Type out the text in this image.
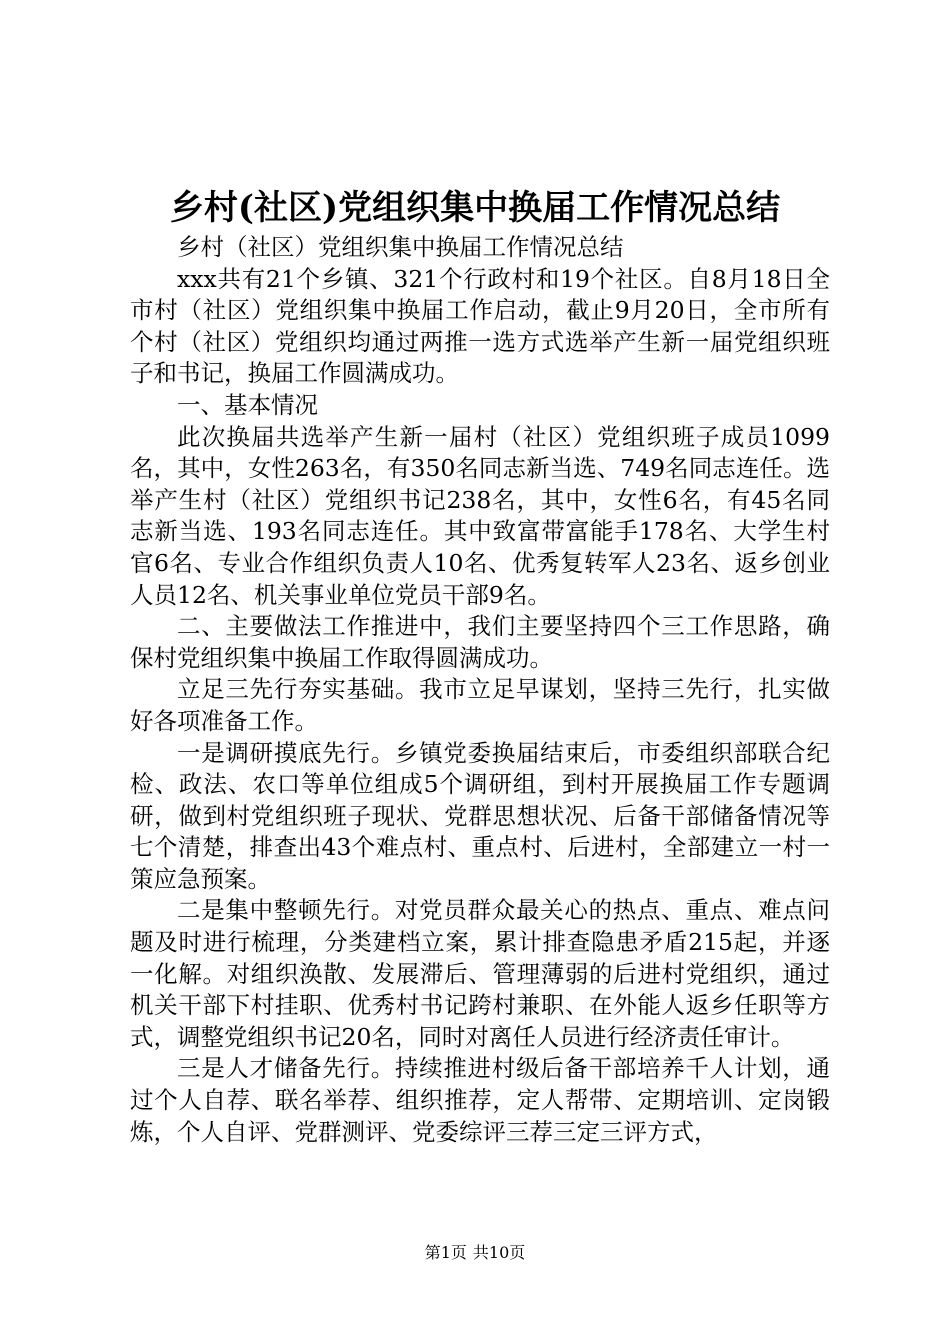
乡村(社区)党组织集中换届工作情况总结

乡村（社区）党组织集中换届工作情况总结

xxx共有21个乡镇、321个行政村和19个社区。自8月18日全市村（社区）党组织集中换届工作启动，截止9月20日，全市所有个村（社区）党组织均通过两推一选方式选举产生新一届党组织班子和书记，换届工作圆满成功。

一、基本情况

此次换届共选举产生新一届村（社区）党组织班子成员1099名，其中，女性263名，有350名同志新当选、749名同志连任。选举产生村（社区）党组织书记238名，其中，女性6名，有45名同志新当选、193名同志连任。其中致富带富能手178名、大学生村官6名、专业合作组织负责人10名、优秀复转军人23名、返乡创业人员12名、机关事业单位党员干部9名。

二、主要做法工作推进中，我们主要坚持四个三工作思路，确保村党组织集中换届工作取得圆满成功。

立足三先行夯实基础。我市立足早谋划，坚持三先行，扎实做好各项准备工作。

一是调研摸底先行。乡镇党委换届结束后，市委组织部联合纪检、政法、农口等单位组成5个调研组，到村开展换届工作专题调研，做到村党组织班子现状、党群思想状况、后备干部储备情况等七个清楚，排查出43个难点村、重点村、后进村，全部建立一村一策应急预案。

二是集中整顿先行。对党员群众最关心的热点、重点、难点问题及时进行梳理，分类建档立案，累计排查隐患矛盾215起，并逐一化解。对组织涣散、发展滞后、管理薄弱的后进村党组织，通过机关干部下村挂职、优秀村书记跨村兼职、在外能人返乡任职等方式，调整党组织书记20名，同时对离任人员进行经济责任审计。

三是人才储备先行。持续推进村级后备干部培养千人计划，通过个人自荐、联名举荐、组织推荐，定人帮带、定期培训、定岗锻炼，个人自评、党群测评、党委综评三荐三定三评方式，

第1页 共10页
